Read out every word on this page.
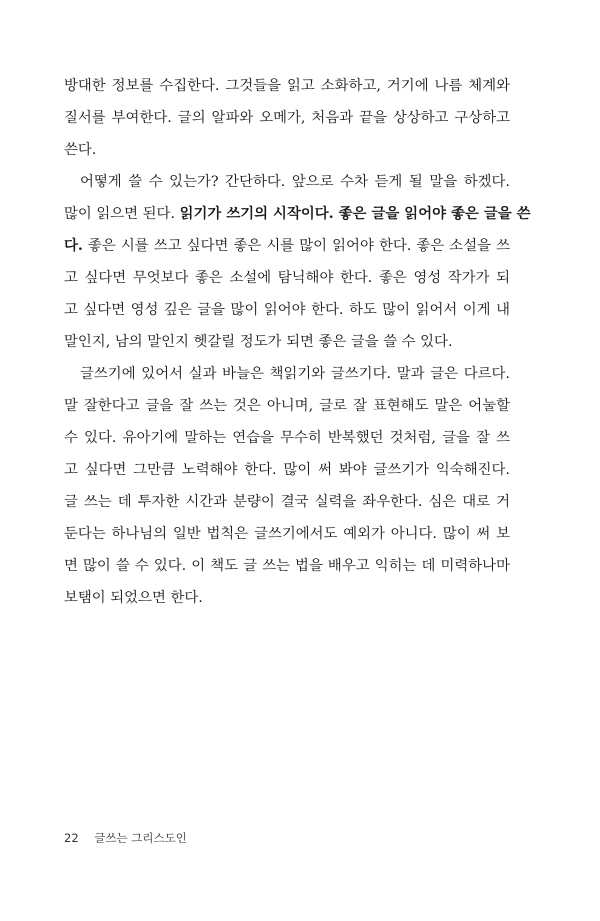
방대한 정보를 수집한다. 그것들을 읽고 소화하고, 거기에 나름 체계와
질서를 부여한다. 글의 알파와 오메가, 처음과 끝을 상상하고 구상하고
쓴다.
어떻게 쓸 수 있는가? 간단하다. 앞으로 수차 듣게 될 말을 하겠다.
많이 읽으면 된다. 읽기가 쓰기의 시작이다. 좋은 글을 읽어야 좋은 글을 쓴
다. 좋은 시를 쓰고 싶다면 좋은 시를 많이 읽어야 한다. 좋은 소설을 쓰
고 싶다면 무엇보다 좋은 소설에 탐닉해야 한다. 좋은 영성 작가가 되
고 싶다면 영성 깊은 글을 많이 읽어야 한다. 하도 많이 읽어서 이게 내
말인지, 남의 말인지 헷갈릴 정도가 되면 좋은 글을 쓸 수 있다.
글쓰기에 있어서 실과 바늘은 책읽기와 글쓰기다. 말과 글은 다르다.
말 잘한다고 글을 잘 쓰는 것은 아니며, 글로 잘 표현해도 말은 어눌할
수 있다. 유아기에 말하는 연습을 무수히 반복했던 것처럼, 글을 잘 쓰
고 싶다면 그만큼 노력해야 한다. 많이 써 봐야 글쓰기가 익숙해진다.
글 쓰는 데 투자한 시간과 분량이 결국 실력을 좌우한다. 심은 대로 거
둔다는 하나님의 일반 법칙은 글쓰기에서도 예외가 아니다. 많이 써 보
면 많이 쓸 수 있다. 이 책도 글 쓰는 법을 배우고 익히는 데 미력하나마
보탬이 되었으면 한다.
22 글쓰는 그리스도인
